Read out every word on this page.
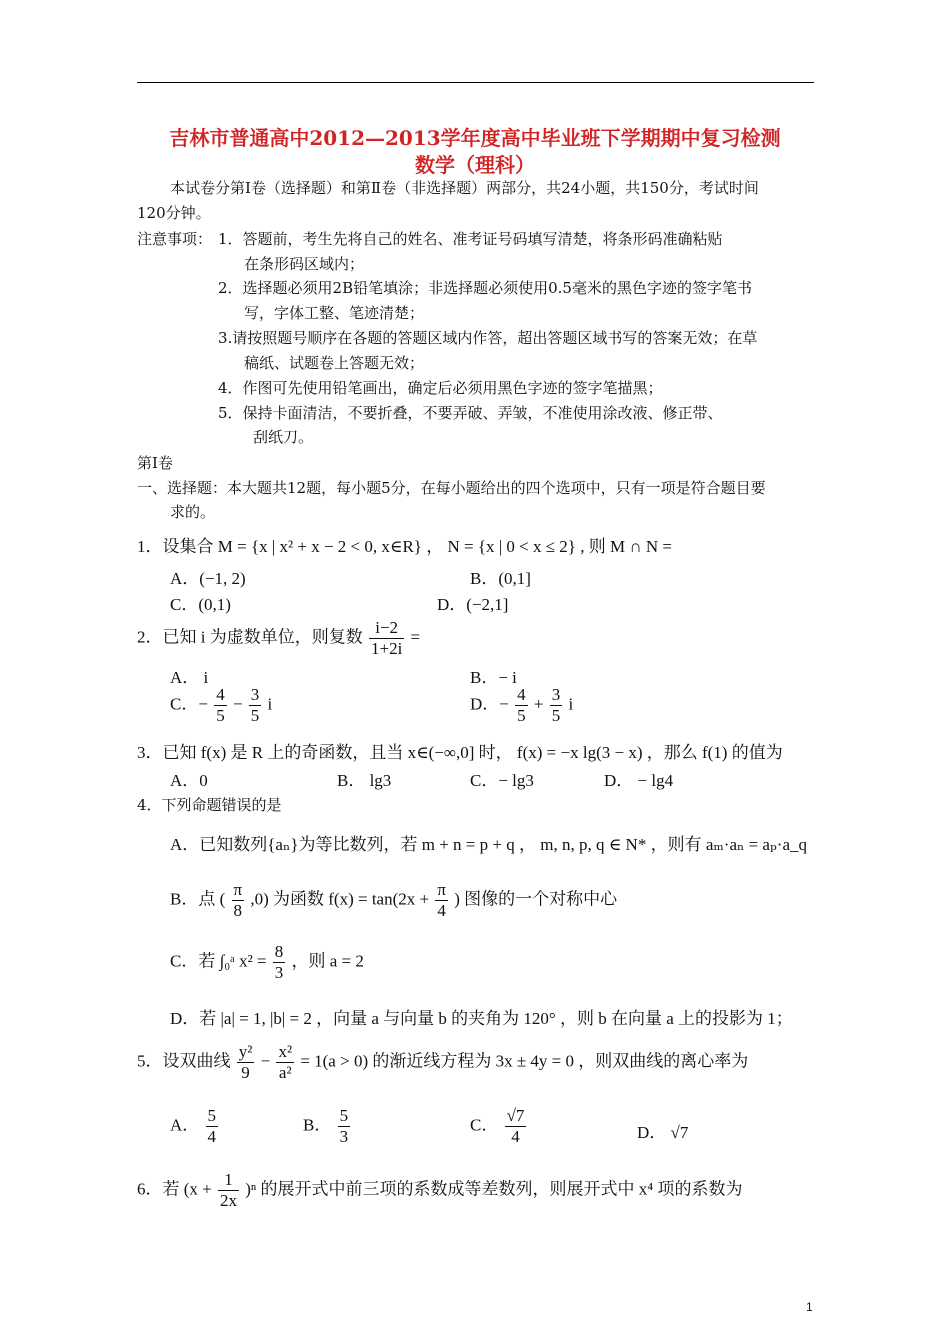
吉林市普通高中2012—2013学年度高中毕业班下学期期中复习检测
数学（理科）
本试卷分第Ⅰ卷（选择题）和第Ⅱ卷（非选择题）两部分，共24小题，共150分，考试时间
120分钟。
注意事项： 1．答题前，考生先将自己的姓名、准考证号码填写清楚，将条形码准确粘贴
在条形码区域内；
2．选择题必须用2B铅笔填涂；非选择题必须使用0.5毫米的黑色字迹的签字笔书
写，字体工整、笔迹清楚；
3.请按照题号顺序在各题的答题区域内作答，超出答题区域书写的答案无效；在草
稿纸、试题卷上答题无效；
4．作图可先使用铅笔画出，确定后必须用黑色字迹的签字笔描黑；
5．保持卡面清洁，不要折叠，不要弄破、弄皱，不准使用涂改液、修正带、
刮纸刀。
第Ⅰ卷
一、选择题：本大题共12题，每小题5分，在每小题给出的四个选项中，只有一项是符合题目要
求的。
1．设集合 M = {x | x² + x − 2 < 0, x∈R} ， N = {x | 0 < x ≤ 2} , 则 M ∩ N =
A．(−1, 2)	B．(0,1]
C．(0,1)	D．(−2,1]
2．已知 i 为虚数单位，则复数 $\frac{i-2}{1+2i}$ =
A． i	B．− i
C．− $\frac{4}{5} - \frac{3}{5}$ i	D．− $\frac{4}{5} + \frac{3}{5}$ i
3．已知 f(x) 是 R 上的奇函数，且当 x∈(−∞,0] 时， f(x) = −x lg(3 − x) ，那么 f(1) 的值为
A．0	B． lg3	C．− lg3	D． − lg4
4．下列命题错误的是
A．已知数列{aₙ}为等比数列，若 m + n = p + q ， m, n, p, q ∈ N* ，则有 aₘ·aₙ = aₚ·a_q
B．点 ( $\frac{\pi}{8} ,0$) 为函数 $f(x) = \tan(2x + \frac{\pi}{4}$ ) 图像的一个对称中心
C．若 ∫₀ᵃ $x^2 = \frac{8}{3}$ ，则 a = 2
D．若 |a| = 1, |b| = 2 ，向量 a 与向量 b 的夹角为 120° ，则 b 在向量 a 上的投影为 1；
5．设双曲线 $\frac{\text{y²}}{9} - \frac{\text{x²}}{\text{a²}} = 1(a > 0)$ 的渐近线方程为 3x ± 4y = 0 ，则双曲线的离心率为
A． $\frac{5}{4}$	B． $\frac{5}{3}$	C． $\frac{√7}{4}$	D． √7
6．若 $(x + \frac{1}{2x} )^n$ 的展开式中前三项的系数成等差数列，则展开式中 x⁴ 项的系数为
1
